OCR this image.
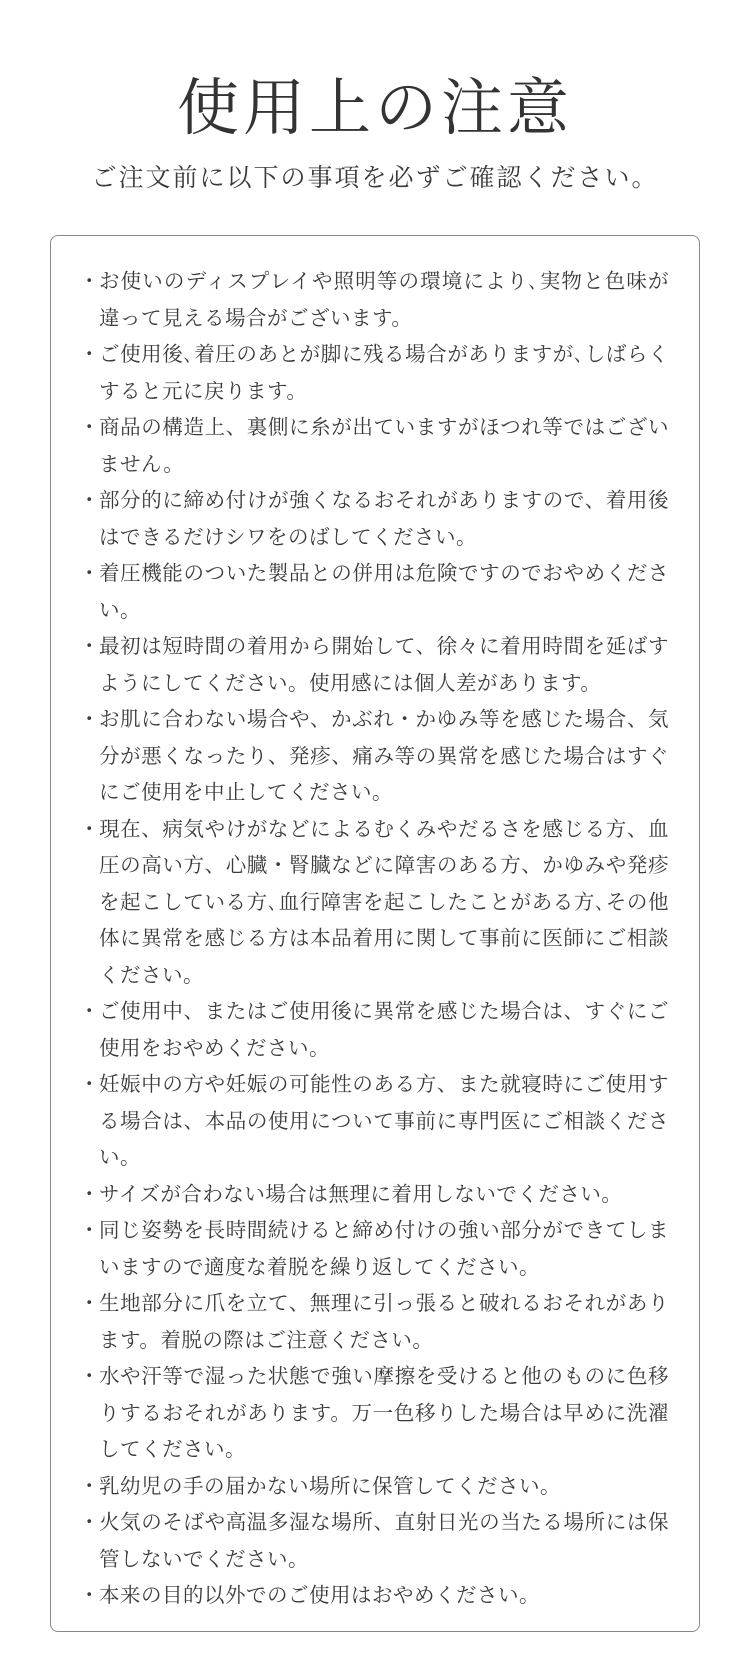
使用上の注意

ご注文前に以下の事項を必ずご確認ください。

・ お使いのディスプレイや照明等の環境により､実物と色味が違って見える場合がございます。
・ ご使用後､着圧のあとが脚に残る場合がありますが､しばらくすると元に戻ります。
・ 商品の構造上、裏側に糸が出ていますがほつれ等ではございません。
・ 部分的に締め付けが強くなるおそれがありますので、着用後はできるだけシワをのばしてください。
・ 着圧機能のついた製品との併用は危険ですのでおやめください。
・ 最初は短時間の着用から開始して、徐々に着用時間を延ばすようにしてください。使用感には個人差があります。
・ お肌に合わない場合や、かぶれ・かゆみ等を感じた場合、気分が悪くなったり、発疹、痛み等の異常を感じた場合はすぐにご使用を中止してください。
・ 現在、病気やけがなどによるむくみやだるさを感じる方、血圧の高い方、心臓・腎臓などに障害のある方、かゆみや発疹を起こしている方､血行障害を起こしたことがある方､その他体に異常を感じる方は本品着用に関して事前に医師にご相談ください。
・ ご使用中、またはご使用後に異常を感じた場合は、すぐにご使用をおやめください。
・ 妊娠中の方や妊娠の可能性のある方、また就寝時にご使用する場合は、本品の使用について事前に専門医にご相談ください。
・ サイズが合わない場合は無理に着用しないでください。
・ 同じ姿勢を長時間続けると締め付けの強い部分ができてしまいますので適度な着脱を繰り返してください。
・ 生地部分に爪を立て、無理に引っ張ると破れるおそれがあります。着脱の際はご注意ください。
・ 水や汗等で湿った状態で強い摩擦を受けると他のものに色移りするおそれがあります。万一色移りした場合は早めに洗濯してください。
・ 乳幼児の手の届かない場所に保管してください。
・ 火気のそばや高温多湿な場所、直射日光の当たる場所には保管しないでください。
・ 本来の目的以外でのご使用はおやめください。
